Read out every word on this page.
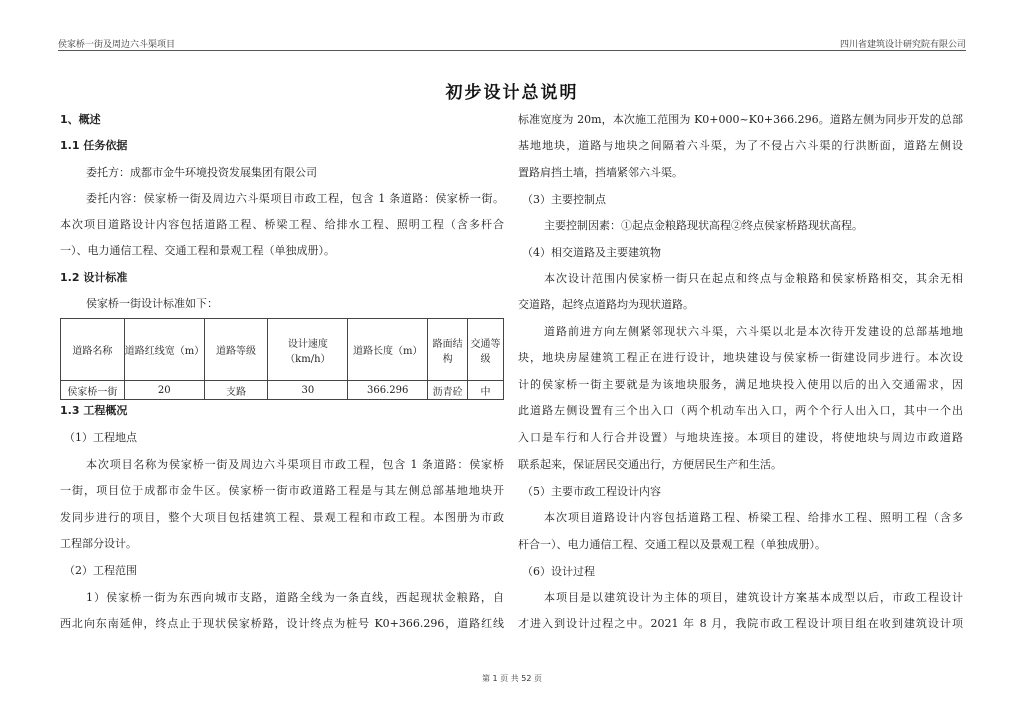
侯家桥一街及周边六斗渠项目	四川省建筑设计研究院有限公司
初步设计总说明
1、概述
1.1 任务依据
委托方：成都市金牛环境投资发展集团有限公司
委托内容：侯家桥一街及周边六斗渠项目市政工程，包含 1 条道路：侯家桥一街。
本次项目道路设计内容包括道路工程、桥梁工程、给排水工程、照明工程（含多杆合
一）、电力通信工程、交通工程和景观工程（单独成册）。
1.2 设计标准
侯家桥一街设计标准如下：
道路名称	道路红线宽（m）	道路等级	设计速度（km/h）	道路长度（m）	路面结构	交通等级
侯家桥一街	20	支路	30	366.296	沥青砼	中
1.3 工程概况
（1）工程地点
本次项目名称为侯家桥一街及周边六斗渠项目市政工程，包含 1 条道路：侯家桥
一街，项目位于成都市金牛区。侯家桥一街市政道路工程是与其左侧总部基地地块开
发同步进行的项目，整个大项目包括建筑工程、景观工程和市政工程。本图册为市政
工程部分设计。
（2）工程范围
1）侯家桥一街为东西向城市支路，道路全线为一条直线，西起现状金粮路，自
西北向东南延伸，终点止于现状侯家桥路，设计终点为桩号 K0+366.296，道路红线
标准宽度为 20m，本次施工范围为 K0+000~K0+366.296。道路左侧为同步开发的总部
基地地块，道路与地块之间隔着六斗渠，为了不侵占六斗渠的行洪断面，道路左侧设
置路肩挡土墙，挡墙紧邻六斗渠。
（3）主要控制点
主要控制因素：①起点金粮路现状高程②终点侯家桥路现状高程。
（4）相交道路及主要建筑物
本次设计范围内侯家桥一街只在起点和终点与金粮路和侯家桥路相交，其余无相
交道路，起终点道路均为现状道路。
道路前进方向左侧紧邻现状六斗渠，六斗渠以北是本次待开发建设的总部基地地
块，地块房屋建筑工程正在进行设计，地块建设与侯家桥一街建设同步进行。本次设
计的侯家桥一街主要就是为该地块服务，满足地块投入使用以后的出入交通需求，因
此道路左侧设置有三个出入口（两个机动车出入口，两个个行人出入口，其中一个出
入口是车行和人行合并设置）与地块连接。本项目的建设，将使地块与周边市政道路
联系起来，保证居民交通出行，方便居民生产和生活。
（5）主要市政工程设计内容
本次项目道路设计内容包括道路工程、桥梁工程、给排水工程、照明工程（含多
杆合一）、电力通信工程、交通工程以及景观工程（单独成册）。
（6）设计过程
本项目是以建筑设计为主体的项目，建筑设计方案基本成型以后，市政工程设计
才进入到设计过程之中。2021 年 8 月，我院市政工程设计项目组在收到建筑设计项
第 1 页 共 52 页
